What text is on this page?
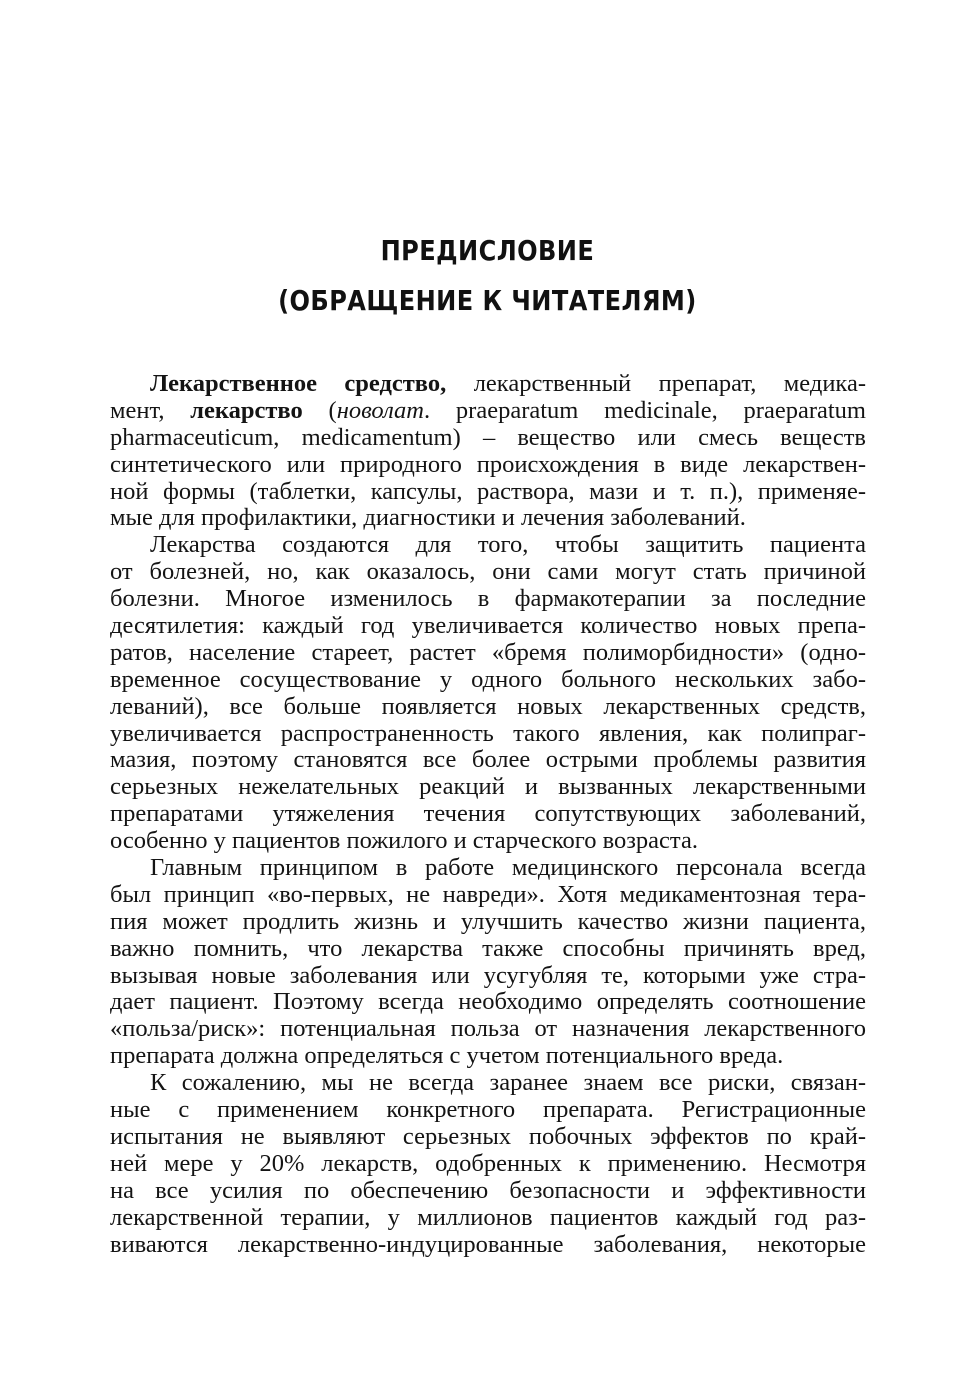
ПРЕДИСЛОВИЕ
(ОБРАЩЕНИЕ К ЧИТАТЕЛЯМ)
Лекарственное средство, лекарственный препарат, медика-
мент, лекарство (новолат. praeparatum medicinale, praeparatum
pharmaceuticum, medicamentum) – вещество или смесь веществ
синтетического или природного происхождения в виде лекарствен-
ной формы (таблетки, капсулы, раствора, мази и т. п.), применяе-
мые для профилактики, диагностики и лечения заболеваний.
Лекарства создаются для того, чтобы защитить пациента
от болезней, но, как оказалось, они сами могут стать причиной
болезни. Многое изменилось в фармакотерапии за последние
десятилетия: каждый год увеличивается количество новых препа-
ратов, население стареет, растет «бремя полиморбидности» (одно-
временное сосуществование у одного больного нескольких забо-
леваний), все больше появляется новых лекарственных средств,
увеличивается распространенность такого явления, как полипраг-
мазия, поэтому становятся все более острыми проблемы развития
серьезных нежелательных реакций и вызванных лекарственными
препаратами утяжеления течения сопутствующих заболеваний,
особенно у пациентов пожилого и старческого возраста.
Главным принципом в работе медицинского персонала всегда
был принцип «во-первых, не навреди». Хотя медикаментозная тера-
пия может продлить жизнь и улучшить качество жизни пациента,
важно помнить, что лекарства также способны причинять вред,
вызывая новые заболевания или усугубляя те, которыми уже стра-
дает пациент. Поэтому всегда необходимо определять соотношение
«польза/риск»: потенциальная польза от назначения лекарственного
препарата должна определяться с учетом потенциального вреда.
К сожалению, мы не всегда заранее знаем все риски, связан-
ные с применением конкретного препарата. Регистрационные
испытания не выявляют серьезных побочных эффектов по край-
ней мере у 20% лекарств, одобренных к применению. Несмотря
на все усилия по обеспечению безопасности и эффективности
лекарственной терапии, у миллионов пациентов каждый год раз-
виваются лекарственно-индуцированные заболевания, некоторые
